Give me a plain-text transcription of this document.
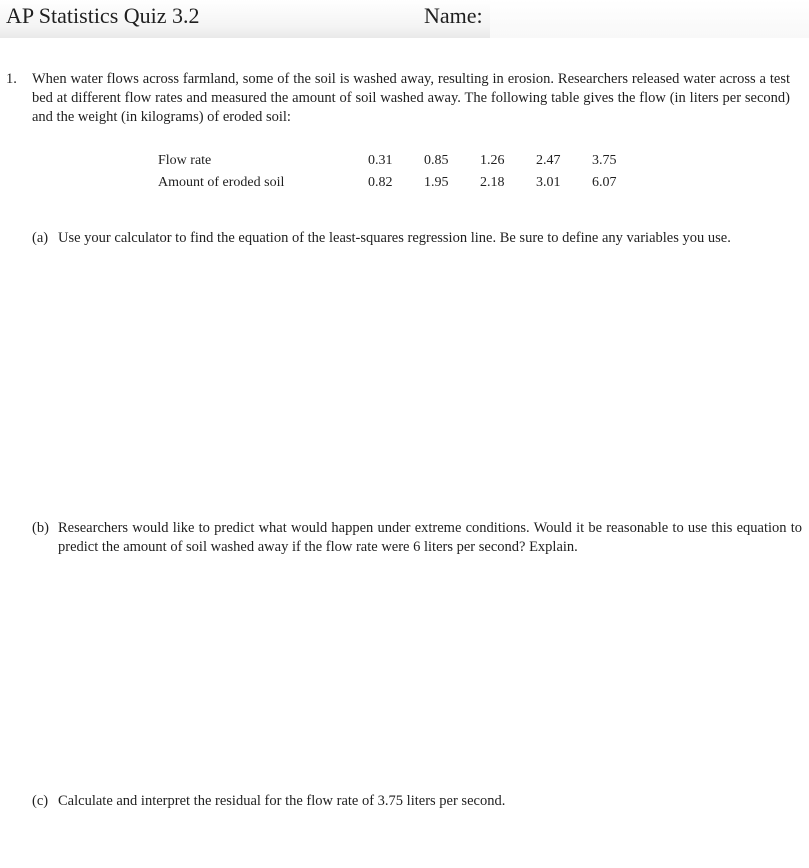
AP Statistics Quiz 3.2	Name:
1. When water flows across farmland, some of the soil is washed away, resulting in erosion. Researchers released water across a test bed at different flow rates and measured the amount of soil washed away. The following table gives the flow (in liters per second) and the weight (in kilograms) of eroded soil:
Flow rate	0.31	0.85	1.26	2.47	3.75
Amount of eroded soil	0.82	1.95	2.18	3.01	6.07
(a) Use your calculator to find the equation of the least-squares regression line. Be sure to define any variables you use.
(b) Researchers would like to predict what would happen under extreme conditions. Would it be reasonable to use this equation to predict the amount of soil washed away if the flow rate were 6 liters per second? Explain.
(c) Calculate and interpret the residual for the flow rate of 3.75 liters per second.
